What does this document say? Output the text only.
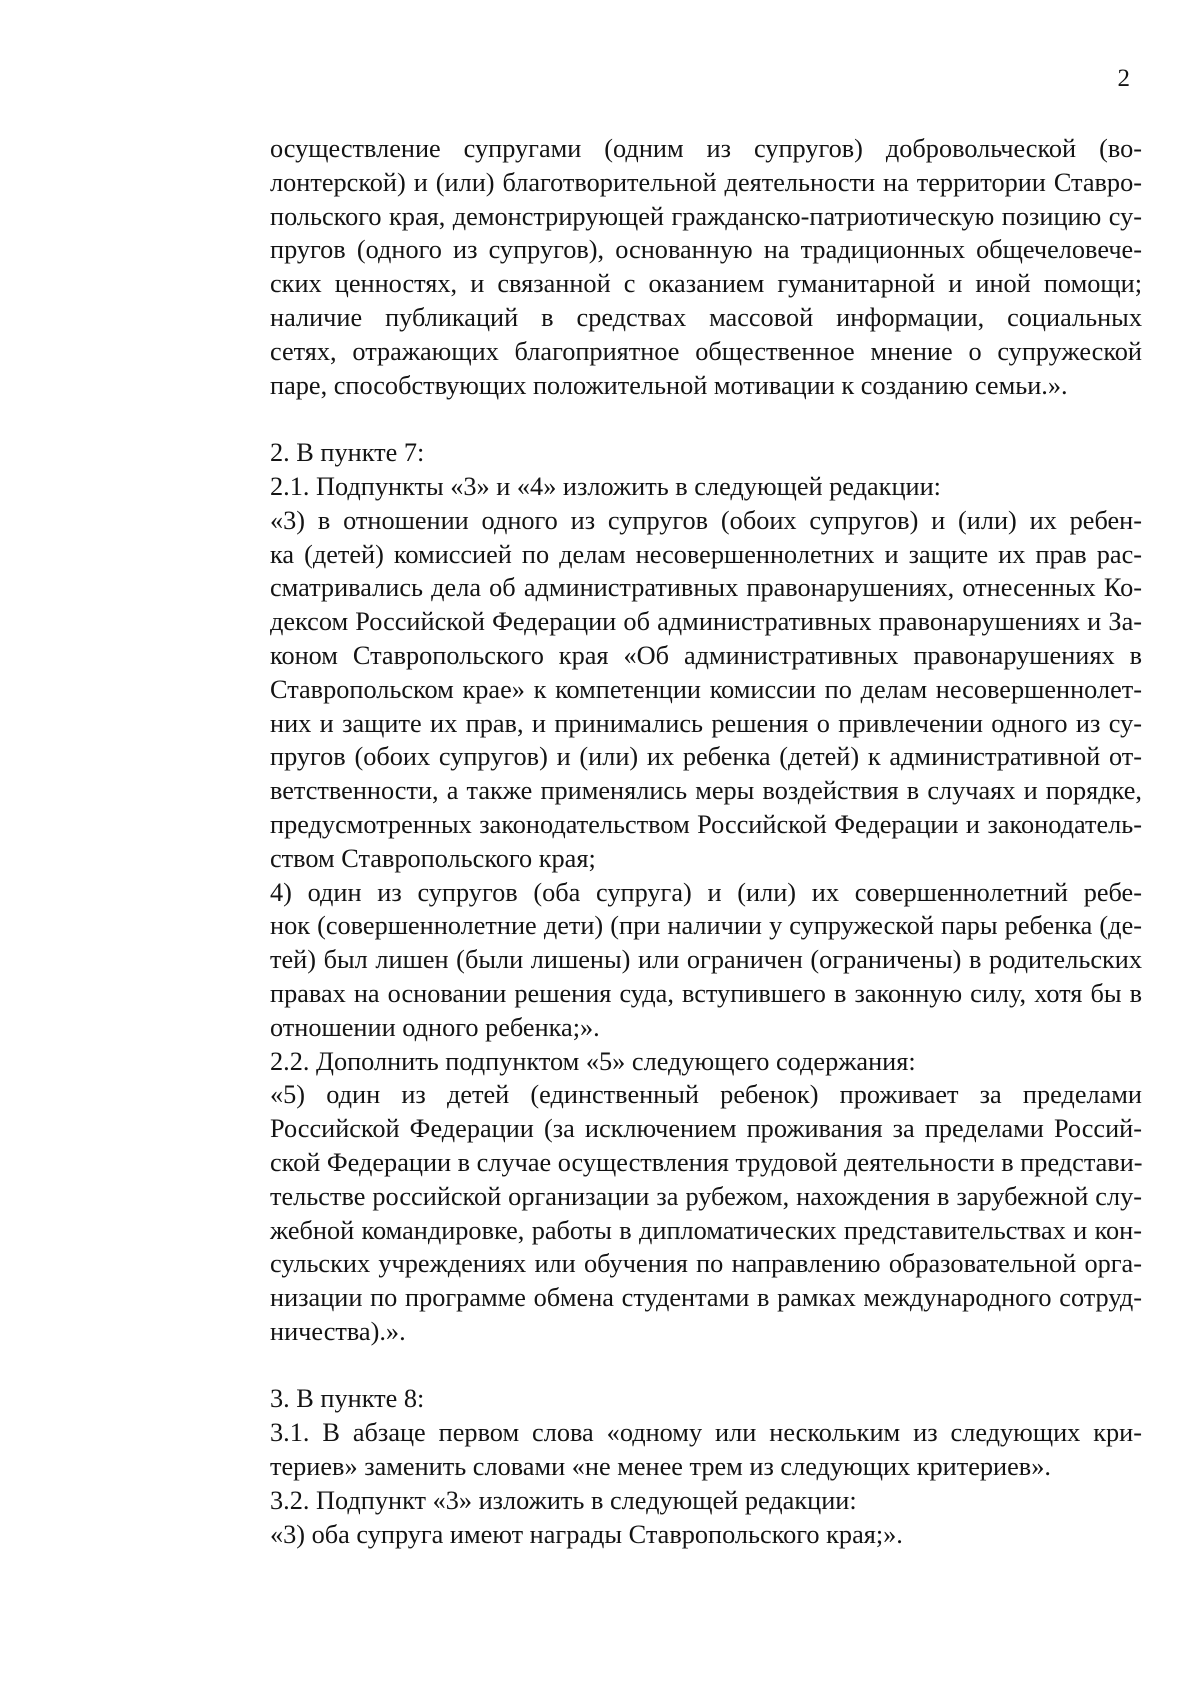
2

осуществление супругами (одним из супругов) добровольческой (во-
лонтерской) и (или) благотворительной деятельности на территории Ставро-
польского края, демонстрирующей гражданско-патриотическую позицию су-
пругов (одного из супругов), основанную на традиционных общечеловече-
ских ценностях, и связанной с оказанием гуманитарной и иной помощи;

наличие публикаций в средствах массовой информации, социальных
сетях, отражающих благоприятное общественное мнение о супружеской
паре, способствующих положительной мотивации к созданию семьи.».

2. В пункте 7:

2.1. Подпункты «3» и «4» изложить в следующей редакции:

«3) в отношении одного из супругов (обоих супругов) и (или) их ребен-
ка (детей) комиссией по делам несовершеннолетних и защите их прав рас-
сматривались дела об административных правонарушениях, отнесенных Ко-
дексом Российской Федерации об административных правонарушениях и За-
коном Ставропольского края «Об административных правонарушениях в
Ставропольском крае» к компетенции комиссии по делам несовершеннолет-
них и защите их прав, и принимались решения о привлечении одного из су-
пругов (обоих супругов) и (или) их ребенка (детей) к административной от-
ветственности, а также применялись меры воздействия в случаях и порядке,
предусмотренных законодательством Российской Федерации и законодатель-
ством Ставропольского края;

4) один из супругов (оба супруга) и (или) их совершеннолетний ребе-
нок (совершеннолетние дети) (при наличии у супружеской пары ребенка (де-
тей) был лишен (были лишены) или ограничен (ограничены) в родительских
правах на основании решения суда, вступившего в законную силу, хотя бы в
отношении одного ребенка;».

2.2. Дополнить подпунктом «5» следующего содержания:

«5) один из детей (единственный ребенок) проживает за пределами
Российской Федерации (за исключением проживания за пределами Россий-
ской Федерации в случае осуществления трудовой деятельности в представи-
тельстве российской организации за рубежом, нахождения в зарубежной слу-
жебной командировке, работы в дипломатических представительствах и кон-
сульских учреждениях или обучения по направлению образовательной орга-
низации по программе обмена студентами в рамках международного сотруд-
ничества).».

3. В пункте 8:

3.1. В абзаце первом слова «одному или нескольким из следующих кри-
териев» заменить словами «не менее трем из следующих критериев».

3.2. Подпункт «3» изложить в следующей редакции:

«3) оба супруга имеют награды Ставропольского края;».
